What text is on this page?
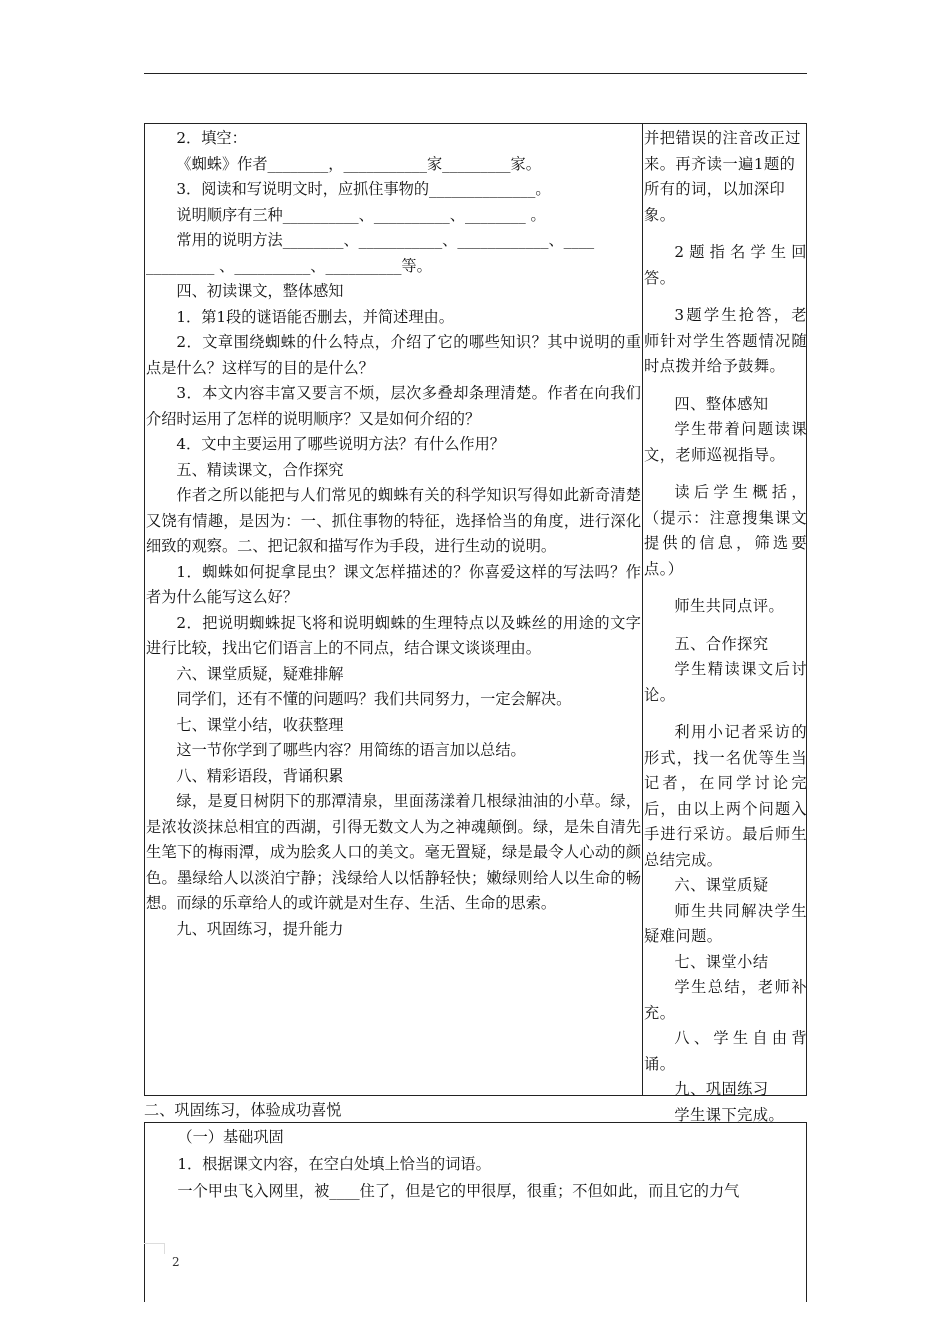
2．填空：

《蜘蛛》作者________，___________家_________家。

3．阅读和写说明文时，应抓住事物的______________。

说明顺序有三种__________、__________、________ 。

常用的说明方法________、___________、____________、____

_________ 、__________、__________等。

四、初读课文，整体感知

1．第1段的谜语能否删去，并简述理由。

2．文章围绕蜘蛛的什么特点，介绍了它的哪些知识？其中说明的重点是什么？这样写的目的是什么？

3．本文内容丰富又要言不烦，层次多叠却条理清楚。作者在向我们介绍时运用了怎样的说明顺序？又是如何介绍的？

4．文中主要运用了哪些说明方法？有什么作用？

五、精读课文，合作探究

作者之所以能把与人们常见的蜘蛛有关的科学知识写得如此新奇清楚又饶有情趣，是因为：一、抓住事物的特征，选择恰当的角度，进行深化细致的观察。二、把记叙和描写作为手段，进行生动的说明。

1．蜘蛛如何捉拿昆虫？课文怎样描述的？你喜爱这样的写法吗？作者为什么能写这么好？

2．把说明蜘蛛捉飞将和说明蜘蛛的生理特点以及蛛丝的用途的文字进行比较，找出它们语言上的不同点，结合课文谈谈理由。

六、课堂质疑，疑难排解

同学们，还有不懂的问题吗？我们共同努力，一定会解决。

七、课堂小结，收获整理

这一节你学到了哪些内容？用简练的语言加以总结。

八、精彩语段，背诵积累

绿，是夏日树阴下的那潭清泉，里面荡漾着几根绿油油的小草。绿，是浓妆淡抹总相宜的西湖，引得无数文人为之神魂颠倒。绿，是朱自清先生笔下的梅雨潭，成为脍炙人口的美文。毫无置疑，绿是最令人心动的颜色。墨绿给人以淡泊宁静；浅绿给人以恬静轻快；嫩绿则给人以生命的畅想。而绿的乐章给人的或许就是对生存、生活、生命的思索。

九、巩固练习，提升能力

并把错误的注音改正过来。再齐读一遍1题的所有的词，以加深印象。

2题指名学生回答。

3题学生抢答，老师针对学生答题情况随时点拨并给予鼓舞。

四、整体感知

学生带着问题读课文，老师巡视指导。

读后学生概括，（提示：注意搜集课文提供的信息，筛选要点。）

师生共同点评。

五、合作探究

学生精读课文后讨论。

利用小记者采访的形式，找一名优等生当记者，在同学讨论完后，由以上两个问题入手进行采访。最后师生总结完成。

六、课堂质疑

师生共同解决学生疑难问题。

七、课堂小结

学生总结，老师补充。

八、学生自由背诵。

九、巩固练习

学生课下完成。

二、巩固练习，体验成功喜悦

（一）基础巩固

1．根据课文内容，在空白处填上恰当的词语。

一个甲虫飞入网里，被____住了，但是它的甲很厚，很重；不但如此，而且它的力气

2
